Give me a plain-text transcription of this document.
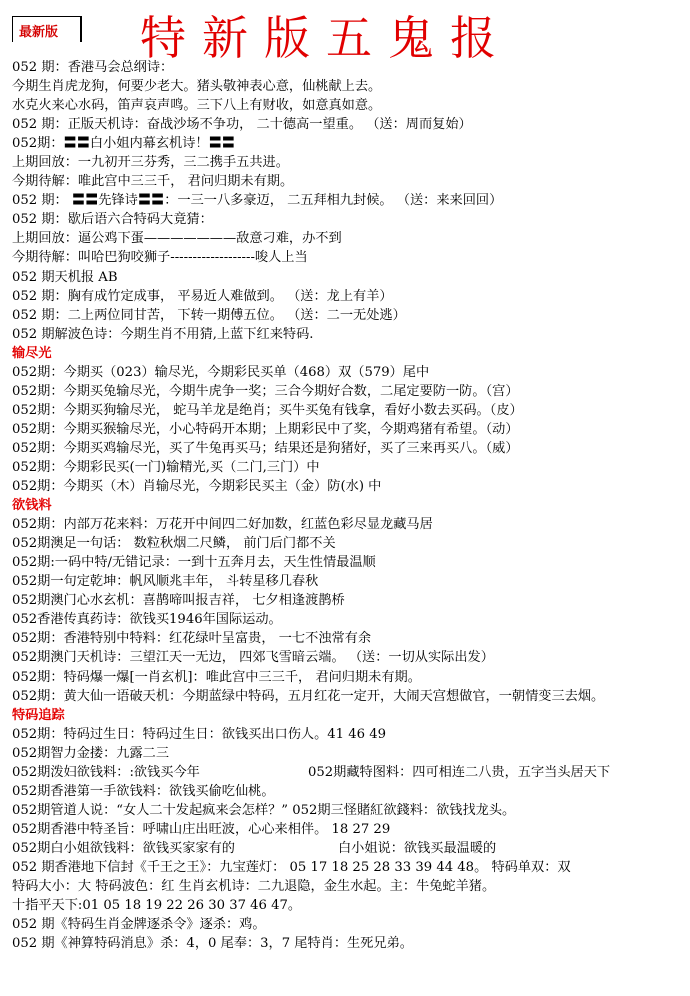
最新版	特新版五鬼报
052 期：香港马会总纲诗：
今期生肖虎龙狗，何要少老大。猪头敬神表心意，仙桃献上去。
水克火来心水码，笛声哀声鸣。三下八上有财收，如意真如意。
052 期：正版天机诗：奋战沙场不争功， 二十德高一望重。 （送：周而复始）
052期：〓〓白小姐内幕玄机诗！〓〓
上期回放：一九初开三芬秀，三二携手五共进。
今期待解：唯此宫中三三千， 君问归期未有期。
052 期： 〓〓先锋诗〓〓：一三一八多豪迈， 二五拜相九封候。 （送：来来回回）
052 期：歇后语六合特码大竟猜：
上期回放：逼公鸡下蛋———————敌意刁难，办不到
今期待解：叫哈巴狗咬狮子-------------------唆人上当
052 期天机报 AB
052 期：胸有成竹定成事， 平易近人难做到。 （送：龙上有羊）
052 期：二上两位同甘苦， 下转一期傅五位。 （送：二一无处逃）
052 期解波色诗：今期生肖不用猜,上蓝下红来特码.
输尽光
052期：今期买（023）输尽光，今期彩民买单（468）双（579）尾中
052期：今期买兔输尽光，今期牛虎争一奖；三合今期好合数，二尾定要防一防。（宫）
052期：今期买狗输尽光， 蛇马羊龙是绝肖；买牛买兔有钱拿，看好小数去买码。（皮）
052期：今期买猴输尽光，小心特码开本期；上期彩民中了奖，今期鸡猪有希望。（动）
052期：今期买鸡输尽光，买了牛兔再买马；结果还是狗猪好，买了三来再买八。（威）
052期：今期彩民买(一门)输精光,买（二门,三门）中
052期：今期买（木）肖输尽光，今期彩民买主（金）防(水) 中
欲钱料
052期：内部万花来料：万花开中间四二好加数，红蓝色彩尽显龙藏马居
052期澳足一句话： 数粒秋烟二尺鳞， 前门后门都不关
052期:一码中特/无错记录：一到十五奔月去，天生性情最温顺
052期一句定乾坤：帆风顺兆丰年， 斗转星移几春秋
052期澳门心水玄机：喜鹊啼叫报吉祥， 七夕相逢渡鹊桥
052香港传真药诗：欲钱买1946年国际运动。
052期：香港特别中特料：红花绿叶呈富贵， 一七不浊常有余
052期澳门天机诗：三望江天一无边， 四郊飞雪暗云端。 （送：一切从实际出发）
052期：特码爆一爆[一肖玄机]：唯此宫中三三千， 君问归期未有期。
052期：黄大仙一语破天机：今期蓝绿中特码，五月红花一定开，大闹天宫想做官，一朝情变三去烟。
特码追踪
052期：特码过生日：特码过生日：欲钱买出口伤人。41 46 49
052期智力金搂：九露二三
052期泼妇欲钱料：:欲钱买今年	052期藏特图料：四可相连二八贵，五字当头居天下
052期香港第一手欲钱料：欲钱买偷吃仙桃。
052期管道人说：“女人二十发起疯来会怎样？” 052期三怪賭紅欲錢料：欲钱找龙头。
052期香港中特圣旨：呼啸山庄出旺波，心心来相伴。 18 27 29
052期白小姐欲钱料：欲钱买家家有的	白小姐说：欲钱买最温暖的
052 期香港地下信封《千王之王》：九宝莲灯： 05 17 18 25 28 33 39 44 48。 特码单双：双
特码大小：大 特码波色：红 生肖玄机诗：二九退隐，金生水起。主：牛兔蛇羊猪。
十指平天下:01 05 18 19 22 26 30 37 46 47。
052 期《特码生肖金牌逐杀令》逐杀：鸡。
052 期《神算特码消息》杀：4，0 尾奉：3，7 尾特肖：生死兄弟。
